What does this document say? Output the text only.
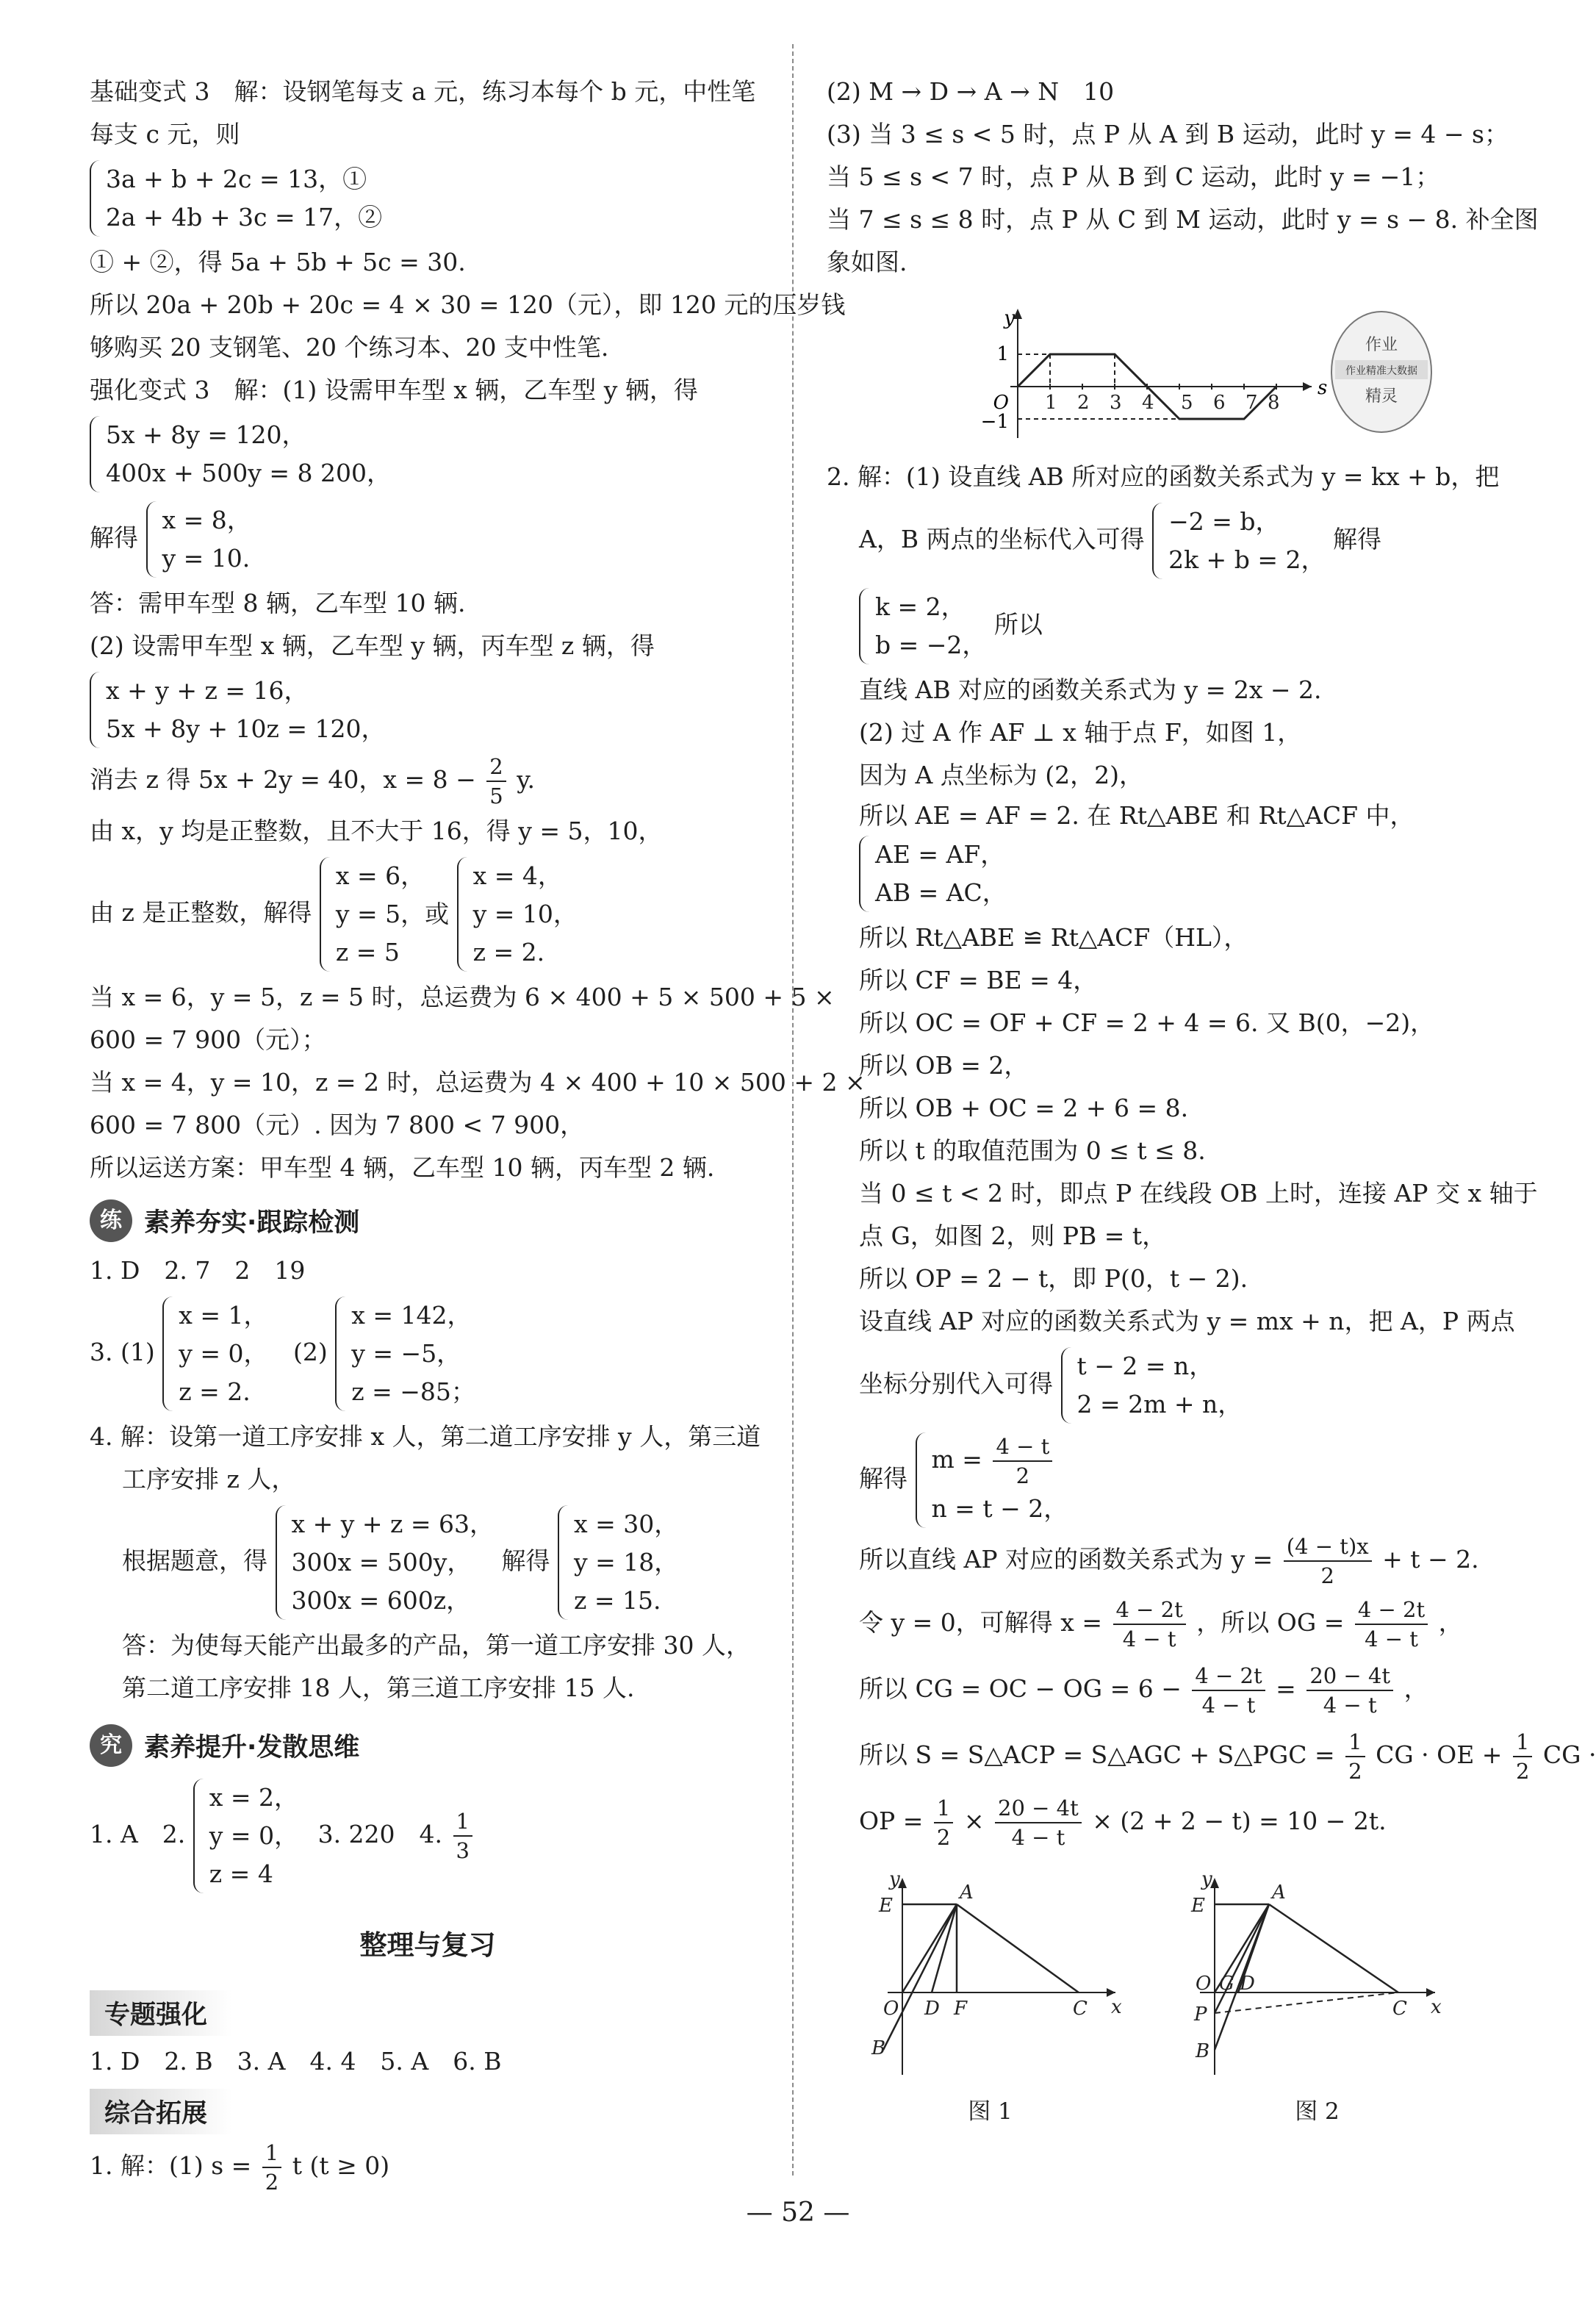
基础变式 3　解：设钢笔每支 a 元，练习本每个 b 元，中性笔
每支 c 元，则
3a + b + 2c = 13，①
2a + 4b + 3c = 17，②
① + ②，得 5a + 5b + 5c = 30.
所以 20a + 20b + 20c = 4 × 30 = 120（元），即 120 元的压岁钱
够购买 20 支钢笔、20 个练习本、20 支中性笔.
强化变式 3　解：(1) 设需甲车型 x 辆，乙车型 y 辆，得
5x + 8y = 120，
400x + 500y = 8 200，
解得
x = 8，
y = 10.
答：需甲车型 8 辆，乙车型 10 辆.
(2) 设需甲车型 x 辆，乙车型 y 辆，丙车型 z 辆，得
x + y + z = 16，
5x + 8y + 10z = 120，
消去 z 得 5x + 2y = 40，$x = 8 - \frac{2}{5} y$.
由 x，y 均是正整数，且不大于 16，得 y = 5，10，
由 z 是正整数，解得
x = 6，
y = 5，或
z = 5

x = 4，
y = 10，
z = 2.
当 x = 6，y = 5，z = 5 时，总运费为 6 × 400 + 5 × 500 + 5 ×
600 = 7 900（元）；
当 x = 4，y = 10，z = 2 时，总运费为 4 × 400 + 10 × 500 + 2 ×
600 = 7 800（元）. 因为 7 800 < 7 900，
所以运送方案：甲车型 4 辆，乙车型 10 辆，丙车型 2 辆.
练 素养夯实·跟踪检测
1. D　2. 7　2　19
3. (1)
x = 1，
y = 0，
z = 2.
(2)
x = 142，
y = −5，
z = −85；
4. 解：设第一道工序安排 x 人，第二道工序安排 y 人，第三道
工序安排 z 人，
根据题意，得
x + y + z = 63，
300x = 500y，
300x = 600z，
解得
x = 30，
y = 18，
z = 15.
答：为使每天能产出最多的产品，第一道工序安排 30 人，
第二道工序安排 18 人，第三道工序安排 15 人.
究 素养提升·发散思维
1. A　2.
x = 2，
y = 0，
z = 4
3. 220　4. $\frac{1}{3}$
整理与复习
专题强化
1. D　2. B　3. A　4. 4　5. A　6. B
综合拓展
1. 解：(1) $s = \frac{1}{2}$ t (t ≥ 0)
(2) M → D → A → N　10
(3) 当 3 ≤ s < 5 时，点 P 从 A 到 B 运动，此时 y = 4 − s；
当 5 ≤ s < 7 时，点 P 从 B 到 C 运动，此时 y = −1；
当 7 ≤ s ≤ 8 时，点 P 从 C 到 M 运动，此时 y = s − 8. 补全图
象如图.
1 2 3 4 5 6 7 8
y
s
O
1
−1
作业
作业精准大数据
精灵
2. 解：(1) 设直线 AB 所对应的函数关系式为 y = kx + b，把
A，B 两点的坐标代入可得
−2 = b，
2k + b = 2，
解得
k = 2，
b = −2，
所以
直线 AB 对应的函数关系式为 y = 2x − 2.
(2) 过 A 作 AF ⊥ x 轴于点 F，如图 1，
因为 A 点坐标为 (2，2)，
所以 AE = AF = 2. 在 Rt△ABE 和 Rt△ACF 中，
AE = AF，
AB = AC，
所以 Rt△ABE ≌ Rt△ACF（HL），
所以 CF = BE = 4，
所以 OC = OF + CF = 2 + 4 = 6. 又 B(0，−2)，
所以 OB = 2，
所以 OB + OC = 2 + 6 = 8.
所以 t 的取值范围为 0 ≤ t ≤ 8.
当 0 ≤ t < 2 时，即点 P 在线段 OB 上时，连接 AP 交 x 轴于
点 G，如图 2，则 PB = t，
所以 OP = 2 − t，即 P(0，t − 2).
设直线 AP 对应的函数关系式为 y = mx + n，把 A，P 两点
坐标分别代入可得
t − 2 = n，
2 = 2m + n，
解得
$m = \frac{4 - t}{2}$
n = t − 2，
所以直线 AP 对应的函数关系式为 $y = \frac{(4 - t)x}{2} + t - 2$.
令 y = 0，可解得 $x = \frac{4 - 2t}{4 - t}$ ，所以 OG = $\frac{4 - 2t}{4 - t}$ ，
所以 CG = OC − OG = $6 - \frac{4 - 2t}{4 - t} = \frac{20 - 4t}{4 - t}$ ，
所以 S = S△ACP = S△AGC + S△PGC = $\frac{1}{2}$ CG · OE + $\frac{1}{2}$ CG ·
OP = $\frac{1}{2} \times \frac{20 - 4t}{4 - t} \times (2 + 2 - t) = 10 - 2t$.
y
x
E
A
O D F	C
B
图 1
y
x
E
A
O G D
C
P
B
图 2
— 52 —
